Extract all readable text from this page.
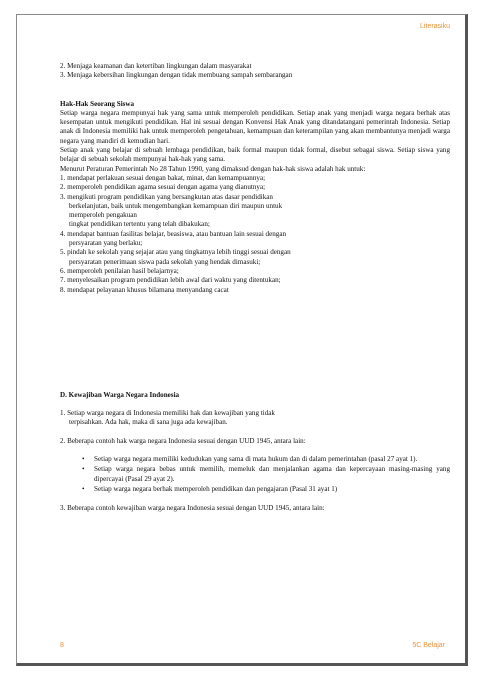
Literasiku

2. Menjaga keamanan dan ketertiban lingkungan dalam masyarakat

3. Menjaga kebersihan lingkungan dengan tidak membuang sampah sembarangan

Hak-Hak Seorang Siswa

Setiap warga negara mempunyai hak yang sama untuk memperoleh pendidikan. Setiap anak yang menjadi warga negara berhak atas kesempatan untuk mengikuti pendidikan. Hal ini sesuai dengan Konvensi Hak Anak yang ditandatangani pemerintah Indonesia. Setiap anak di Indonesia memiliki hak untuk memperoleh pengetahuan, kemampuan dan keterampilan yang akan membantunya menjadi warga negara yang mandiri di kemudian hari.

Setiap anak yang belajar di sebuah lembaga pendidikan, baik formal maupun tidak formal, disebut sebagai siswa. Setiap siswa yang belajar di sebuah sekolah mempunyai hak-hak yang sama.

Menurut Peraturan Pemerintah No 28 Tahun 1990, yang dimaksud dengan hak-hak siswa adalah hak untuk:

1. mendapat perlakuan sesuai dengan bakat, minat, dan kemampuannya;

2. memperoleh pendidikan agama sesuai dengan agama yang dianutnya;

3. mengikuti program pendidikan yang bersangkutan atas dasar pendidikan

berkelanjutan, baik untuk mengembangkan kemampuan diri maupun untuk

memperoleh pengakuan

tingkat pendidikan tertentu yang telah dibakukan;

4. mendapat bantuan fasilitas belajar, beasiswa, atau bantuan lain sesuai dengan

persyaratan yang berlaku;

5. pindah ke sekolah yang sejajar atau yang tingkatnya lebih tinggi sesuai dengan

persyaratan penerimaan siswa pada sekolah yang hendak dimasuki;

6. memperoleh penilaian hasil belajarnya;

7. menyelesaikan program pendidikan lebih awal dari waktu yang ditentukan;

8. mendapat pelayanan khusus bilamana menyandang cacat

D. Kewajiban Warga Negara Indonesia

1. Setiap warga negara di Indonesia memiliki hak dan kewajiban yang tidak

terpisahkan. Ada hak, maka di sana juga ada kewajiban.

2. Beberapa contoh hak warga negara Indonesia sesuai dengan UUD 1945, antara lain:

• Setiap warga negara memiliki kedudukan yang sama di mata hukum dan di dalam pemerintahan (pasal 27 ayat 1).
• Setiap warga negara bebas untuk memilih, memeluk dan menjalankan agama dan kepercayaan masing-masing yang dipercayai (Pasal 29 ayat 2).
• Setiap warga negara berhak memperoleh pendidikan dan pengajaran (Pasal 31 ayat 1)

3. Beberapa contoh kewajiban warga negara Indonesia sesuai dengan UUD 1945, antara lain:

8	5C Belajar
